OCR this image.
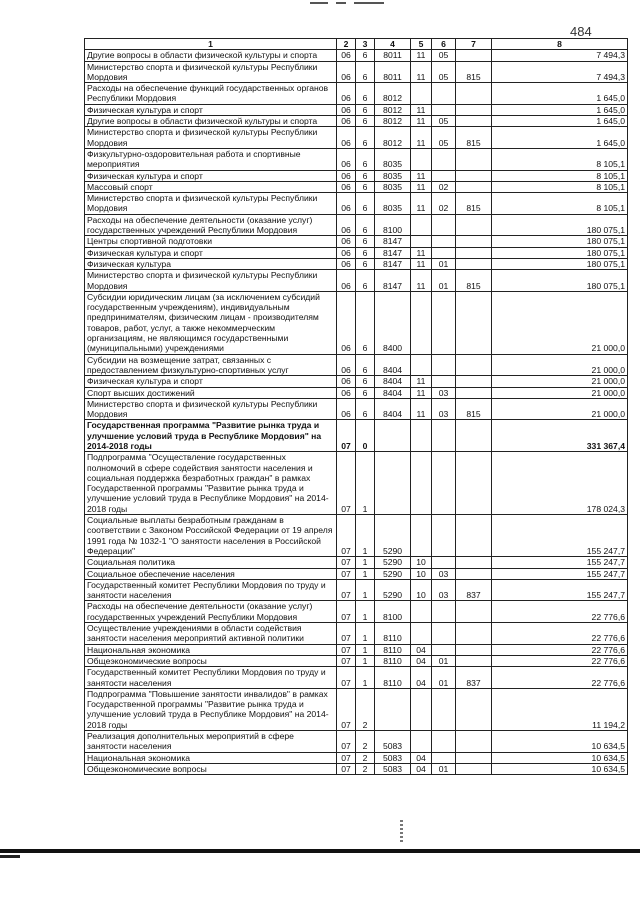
484
1	2	3	4	5	6	7	8
Другие вопросы в области физической культуры и спорта	06	6	8011	11	05		7 494,3
Министерство спорта и физической культуры Республики Мордовия	06	6	8011	11	05	815	7 494,3
Расходы на обеспечение функций государственных органов Республики Мордовия	06	6	8012				1 645,0
Физическая культура и спорт	06	6	8012	11			1 645,0
Другие вопросы в области физической культуры и спорта	06	6	8012	11	05		1 645,0
Министерство спорта и физической культуры Республики Мордовия	06	6	8012	11	05	815	1 645,0
Физкультурно-оздоровительная работа и спортивные мероприятия	06	6	8035				8 105,1
Физическая культура и спорт	06	6	8035	11			8 105,1
Массовый спорт	06	6	8035	11	02		8 105,1
Министерство спорта и физической культуры Республики Мордовия	06	6	8035	11	02	815	8 105,1
Расходы на обеспечение деятельности (оказание услуг) государственных учреждений Республики Мордовия	06	6	8100				180 075,1
Центры спортивной подготовки	06	6	8147				180 075,1
Физическая культура и спорт	06	6	8147	11			180 075,1
Физическая культура	06	6	8147	11	01		180 075,1
Министерство спорта и физической культуры Республики Мордовия	06	6	8147	11	01	815	180 075,1
Субсидии юридическим лицам (за исключением субсидий государственным учреждениям), индивидуальным предпринимателям, физическим лицам - производителям товаров, работ, услуг, а также некоммерческим организациям, не являющимся государственными (муниципальными) учреждениями	06	6	8400				21 000,0
Субсидии на возмещение затрат, связанных с предоставлением физкультурно-спортивных услуг	06	6	8404				21 000,0
Физическая культура и спорт	06	6	8404	11			21 000,0
Спорт высших достижений	06	6	8404	11	03		21 000,0
Министерство спорта и физической культуры Республики Мордовия	06	6	8404	11	03	815	21 000,0
Государственная программа "Развитие рынка труда и улучшение условий труда в Республике Мордовия" на 2014-2018 годы	07	0					331 367,4
Подпрограмма "Осуществление государственных полномочий в сфере содействия занятости населения и социальная поддержка безработных граждан" в рамках Государственной программы "Развитие рынка труда и улучшение условий труда в Республике Мордовия" на 2014-2018 годы	07	1					178 024,3
Социальные выплаты безработным гражданам в соответствии с Законом Российской Федерации от 19 апреля 1991 года № 1032-1 "О занятости населения в Российской Федерации"	07	1	5290				155 247,7
Социальная политика	07	1	5290	10			155 247,7
Социальное обеспечение населения	07	1	5290	10	03		155 247,7
Государственный комитет Республики Мордовия по труду и занятости населения	07	1	5290	10	03	837	155 247,7
Расходы на обеспечение деятельности (оказание услуг) государственных учреждений Республики Мордовия	07	1	8100				22 776,6
Осуществление учреждениями в области содействия занятости населения мероприятий активной политики	07	1	8110				22 776,6
Национальная экономика	07	1	8110	04			22 776,6
Общеэкономические вопросы	07	1	8110	04	01		22 776,6
Государственный комитет Республики Мордовия по труду и занятости населения	07	1	8110	04	01	837	22 776,6
Подпрограмма "Повышение занятости инвалидов" в рамках Государственной программы "Развитие рынка труда и улучшение условий труда в Республике Мордовия" на 2014-2018 годы	07	2					11 194,2
Реализация дополнительных мероприятий в сфере занятости населения	07	2	5083				10 634,5
Национальная экономика	07	2	5083	04			10 634,5
Общеэкономические вопросы	07	2	5083	04	01		10 634,5
